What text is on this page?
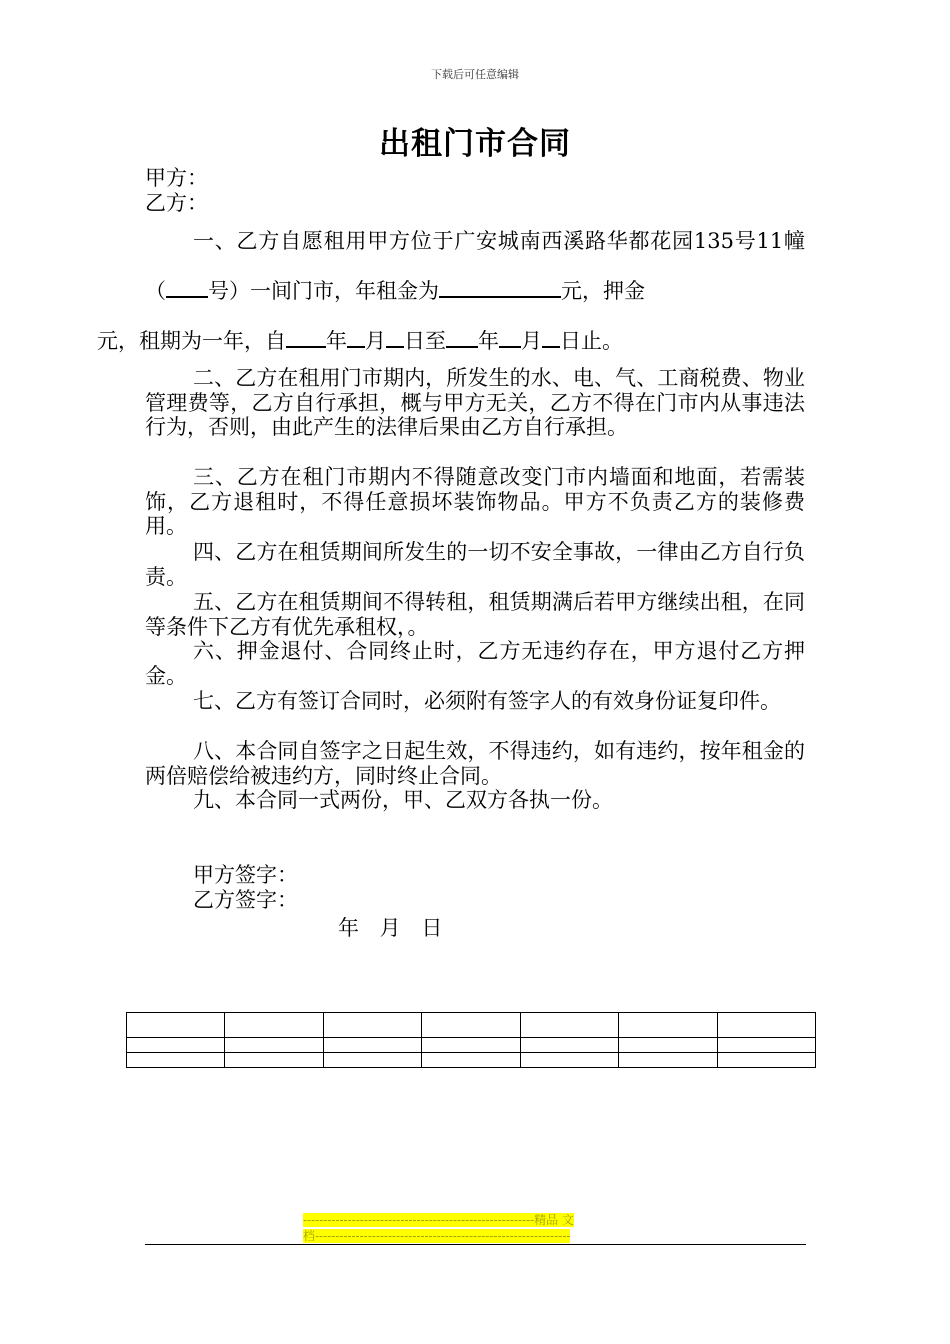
下载后可任意编辑
出租门市合同
甲方：
乙方：
一、乙方自愿租用甲方位于广安城南西溪路华都花园135号11幢（ 号）一间门市，年租金为	元，押金
元，租期为一年，自 年 月 日至 年 月 日止。
二、乙方在租用门市期内，所发生的水、电、气、工商税费、物业管理费等，乙方自行承担，概与甲方无关，乙方不得在门市内从事违法行为，否则，由此产生的法律后果由乙方自行承担。
三、乙方在租门市期内不得随意改变门市内墙面和地面，若需装饰，乙方退租时，不得任意损坏装饰物品。甲方不负责乙方的装修费用。
四、乙方在租赁期间所发生的一切不安全事故，一律由乙方自行负责。
五、乙方在租赁期间不得转租，租赁期满后若甲方继续出租，在同等条件下乙方有优先承租权，。
六、押金退付、合同终止时，乙方无违约存在，甲方退付乙方押金。
七、乙方有签订合同时，必须附有签字人的有效身份证复印件。
八、本合同自签字之日起生效，不得违约，如有违约，按年租金的两倍赔偿给被违约方，同时终止合同。
九、本合同一式两份，甲、乙双方各执一份。
甲方签字：
乙方签字：
年 月 日

---------------------------------------------------------精品 文
档---------------------------------------------------------------
